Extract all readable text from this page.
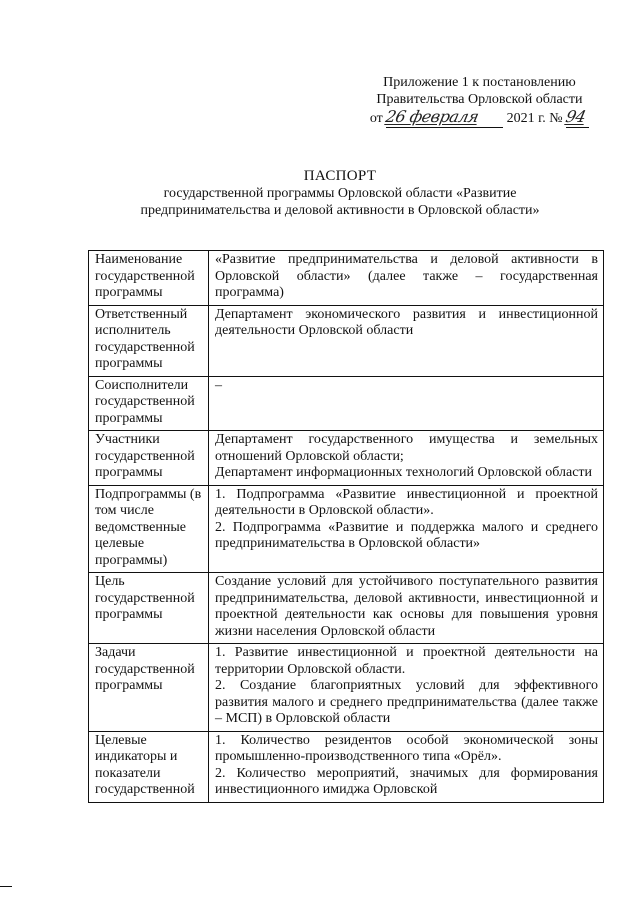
Приложение 1 к постановлению
Правительства Орловской области
от 26 февраля 2021 г. № 94
ПАСПОРТ
государственной программы Орловской области «Развитие
предпринимательства и деловой активности в Орловской области»
Наименование государственной программы	«Развитие предпринимательства и деловой активности в Орловской области» (далее также – государственная программа)
Ответственный исполнитель государственной программы	Департамент экономического развития и инвестиционной деятельности Орловской области
Соисполнители государственной программы	–
Участники государственной программы	Департамент государственного имущества и земельных отношений Орловской области;
Департамент информационных технологий Орловской области
Подпрограммы (в том числе ведомственные целевые программы)	1. Подпрограмма «Развитие инвестиционной и проектной деятельности в Орловской области».
2. Подпрограмма «Развитие и поддержка малого и среднего предпринимательства в Орловской области»
Цель государственной программы	Создание условий для устойчивого поступательного развития предпринимательства, деловой активности, инвестиционной и проектной деятельности как основы для повышения уровня жизни населения Орловской области
Задачи государственной программы	1. Развитие инвестиционной и проектной деятельности на территории Орловской области.
2. Создание благоприятных условий для эффективного развития малого и среднего предпринимательства (далее также – МСП) в Орловской области
Целевые индикаторы и показатели государственной	1. Количество резидентов особой экономической зоны промышленно-производственного типа «Орёл».
2. Количество мероприятий, значимых для формирования инвестиционного имиджа Орловской
